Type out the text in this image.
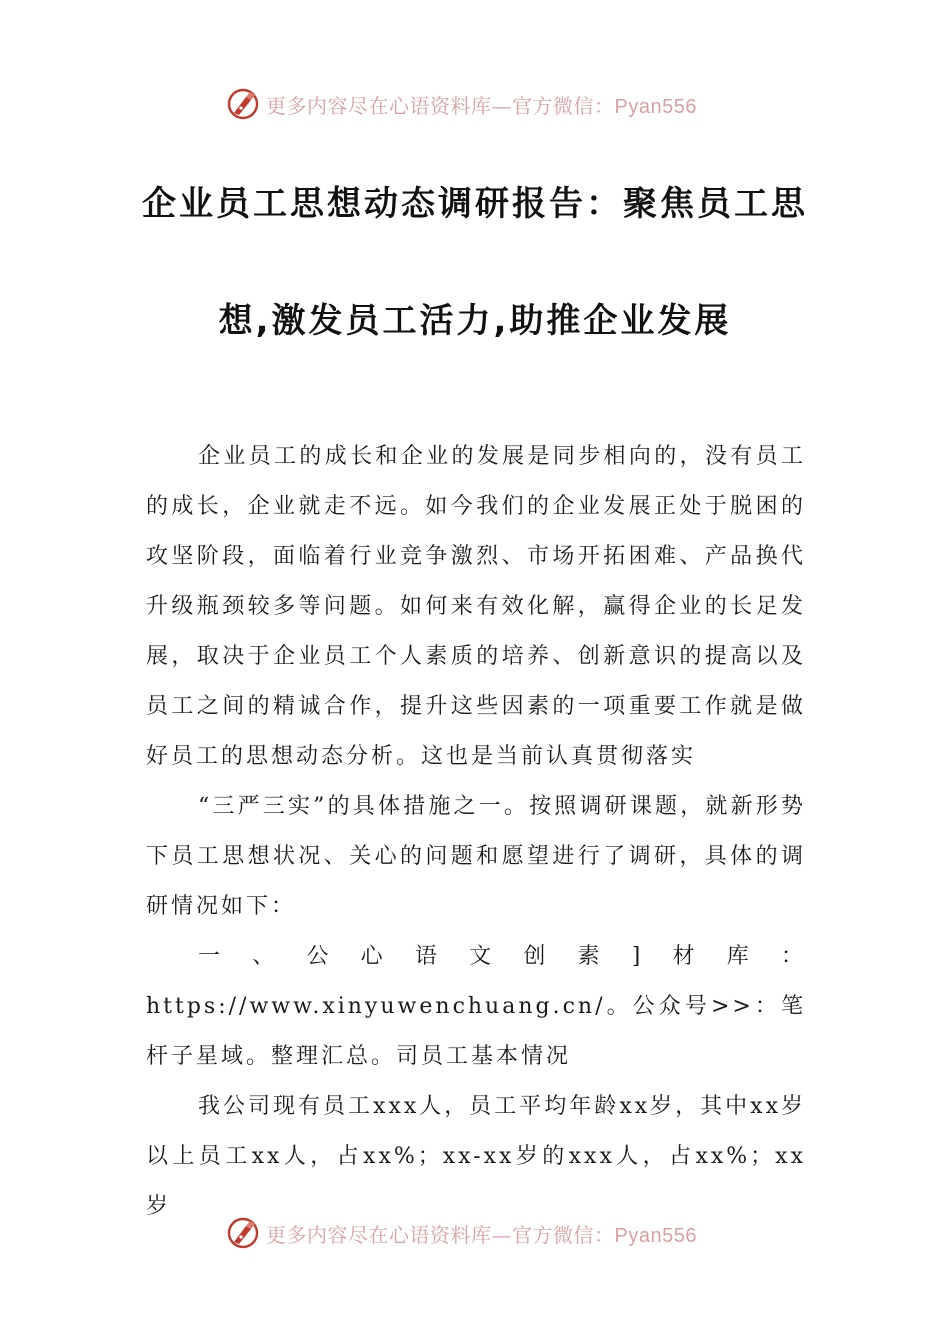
更多内容尽在心语资料库—官方微信：Pyan556
企业员工思想动态调研报告：聚焦员工思
想,激发员工活力,助推企业发展

企业员工的成长和企业的发展是同步相向的，没有员工的成长，企业就走不远。如今我们的企业发展正处于脱困的攻坚阶段，面临着行业竞争激烈、市场开拓困难、产品换代升级瓶颈较多等问题。如何来有效化解，赢得企业的长足发展，取决于企业员工个人素质的培养、创新意识的提高以及员工之间的精诚合作，提升这些因素的一项重要工作就是做好员工的思想动态分析。这也是当前认真贯彻落实

“三严三实”的具体措施之一。按照调研课题，就新形势下员工思想状况、关心的问题和愿望进行了调研，具体的调研情况如下：

一、公心语文创素]材库：https://www.xinyuwenchuang.cn/。公众号>>：笔杆子星域。整理汇总。司员工基本情况

我公司现有员工xxx人，员工平均年龄xx岁，其中xx岁以上员工xx人，占xx%；xx-xx岁的xxx人，占xx%；xx岁

更多内容尽在心语资料库—官方微信：Pyan556
